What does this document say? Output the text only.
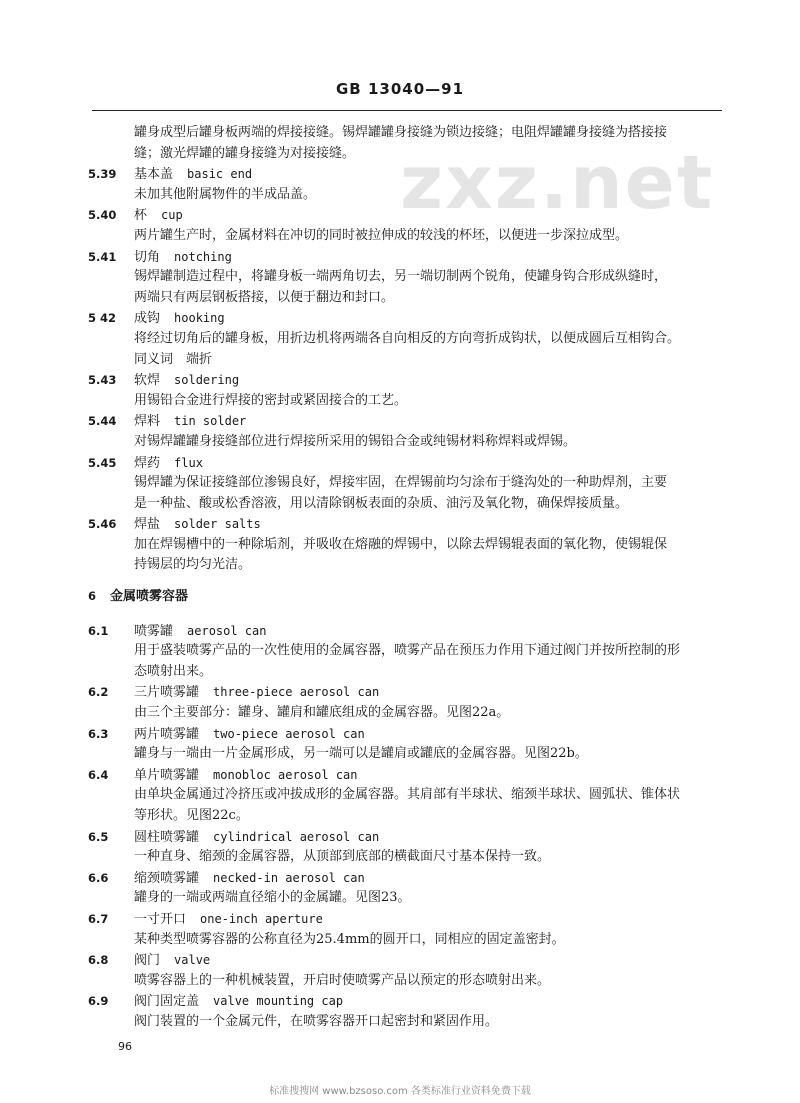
zxz.net
GB 13040—91
罐身成型后罐身板两端的焊接接缝。锡焊罐罐身接缝为锁边接缝；电阻焊罐罐身接缝为搭接接
缝；激光焊罐的罐身接缝为对接接缝。
5.39	基本盖 basic end
未加其他附属物件的半成品盖。
5.40	杯 cup
两片罐生产时，金属材料在冲切的同时被拉伸成的较浅的杯坯，以便进一步深拉成型。
5.41	切角 notching
锡焊罐制造过程中，将罐身板一端两角切去，另一端切制两个锐角，使罐身钩合形成纵缝时，
两端只有两层钢板搭接，以便于翻边和封口。
5 42	成钩 hooking
将经过切角后的罐身板，用折边机将两端各自向相反的方向弯折成钩状，以便成圆后互相钩合。
同义词　端折
5.43	软焊 soldering
用锡铅合金进行焊接的密封或紧固接合的工艺。
5.44	焊料 tin solder
对锡焊罐罐身接缝部位进行焊接所采用的锡铅合金或纯锡材料称焊料或焊锡。
5.45	焊药 flux
锡焊罐为保证接缝部位渗锡良好，焊接牢固，在焊锡前均匀涂布于缝沟处的一种助焊剂，主要
是一种盐、酸或松香溶液，用以清除钢板表面的杂质、油污及氧化物，确保焊接质量。
5.46	焊盐 solder salts
加在焊锡槽中的一种除垢剂，并吸收在熔融的焊锡中，以除去焊锡辊表面的氧化物，使锡辊保
持锡层的均匀光洁。
6	金属喷雾容器
6.1	喷雾罐 aerosol can
用于盛装喷雾产品的一次性使用的金属容器，喷雾产品在预压力作用下通过阀门并按所控制的形
态喷射出来。
6.2	三片喷雾罐 three-piece aerosol can
由三个主要部分：罐身、罐肩和罐底组成的金属容器。见图22a。
6.3	两片喷雾罐 two-piece aerosol can
罐身与一端由一片金属形成，另一端可以是罐肩或罐底的金属容器。见图22b。
6.4	单片喷雾罐 monobloc aerosol can
由单块金属通过冷挤压或冲拔成形的金属容器。其肩部有半球状、缩颈半球状、圆弧状、锥体状
等形状。见图22c。
6.5	圆柱喷雾罐 cylindrical aerosol can
一种直身、缩颈的金属容器，从顶部到底部的横截面尺寸基本保持一致。
6.6	缩颈喷雾罐 necked-in aerosol can
罐身的一端或两端直径缩小的金属罐。见图23。
6.7	一寸开口 one-inch aperture
某种类型喷雾容器的公称直径为25.4mm的圆开口，同相应的固定盖密封。
6.8	阀门 valve
喷雾容器上的一种机械装置，开启时使喷雾产品以预定的形态喷射出来。
6.9	阀门固定盖 valve mounting cap
阀门装置的一个金属元件，在喷雾容器开口起密封和紧固作用。
96
标准搜搜网 www.bzsoso.com 各类标准行业资料免费下载
